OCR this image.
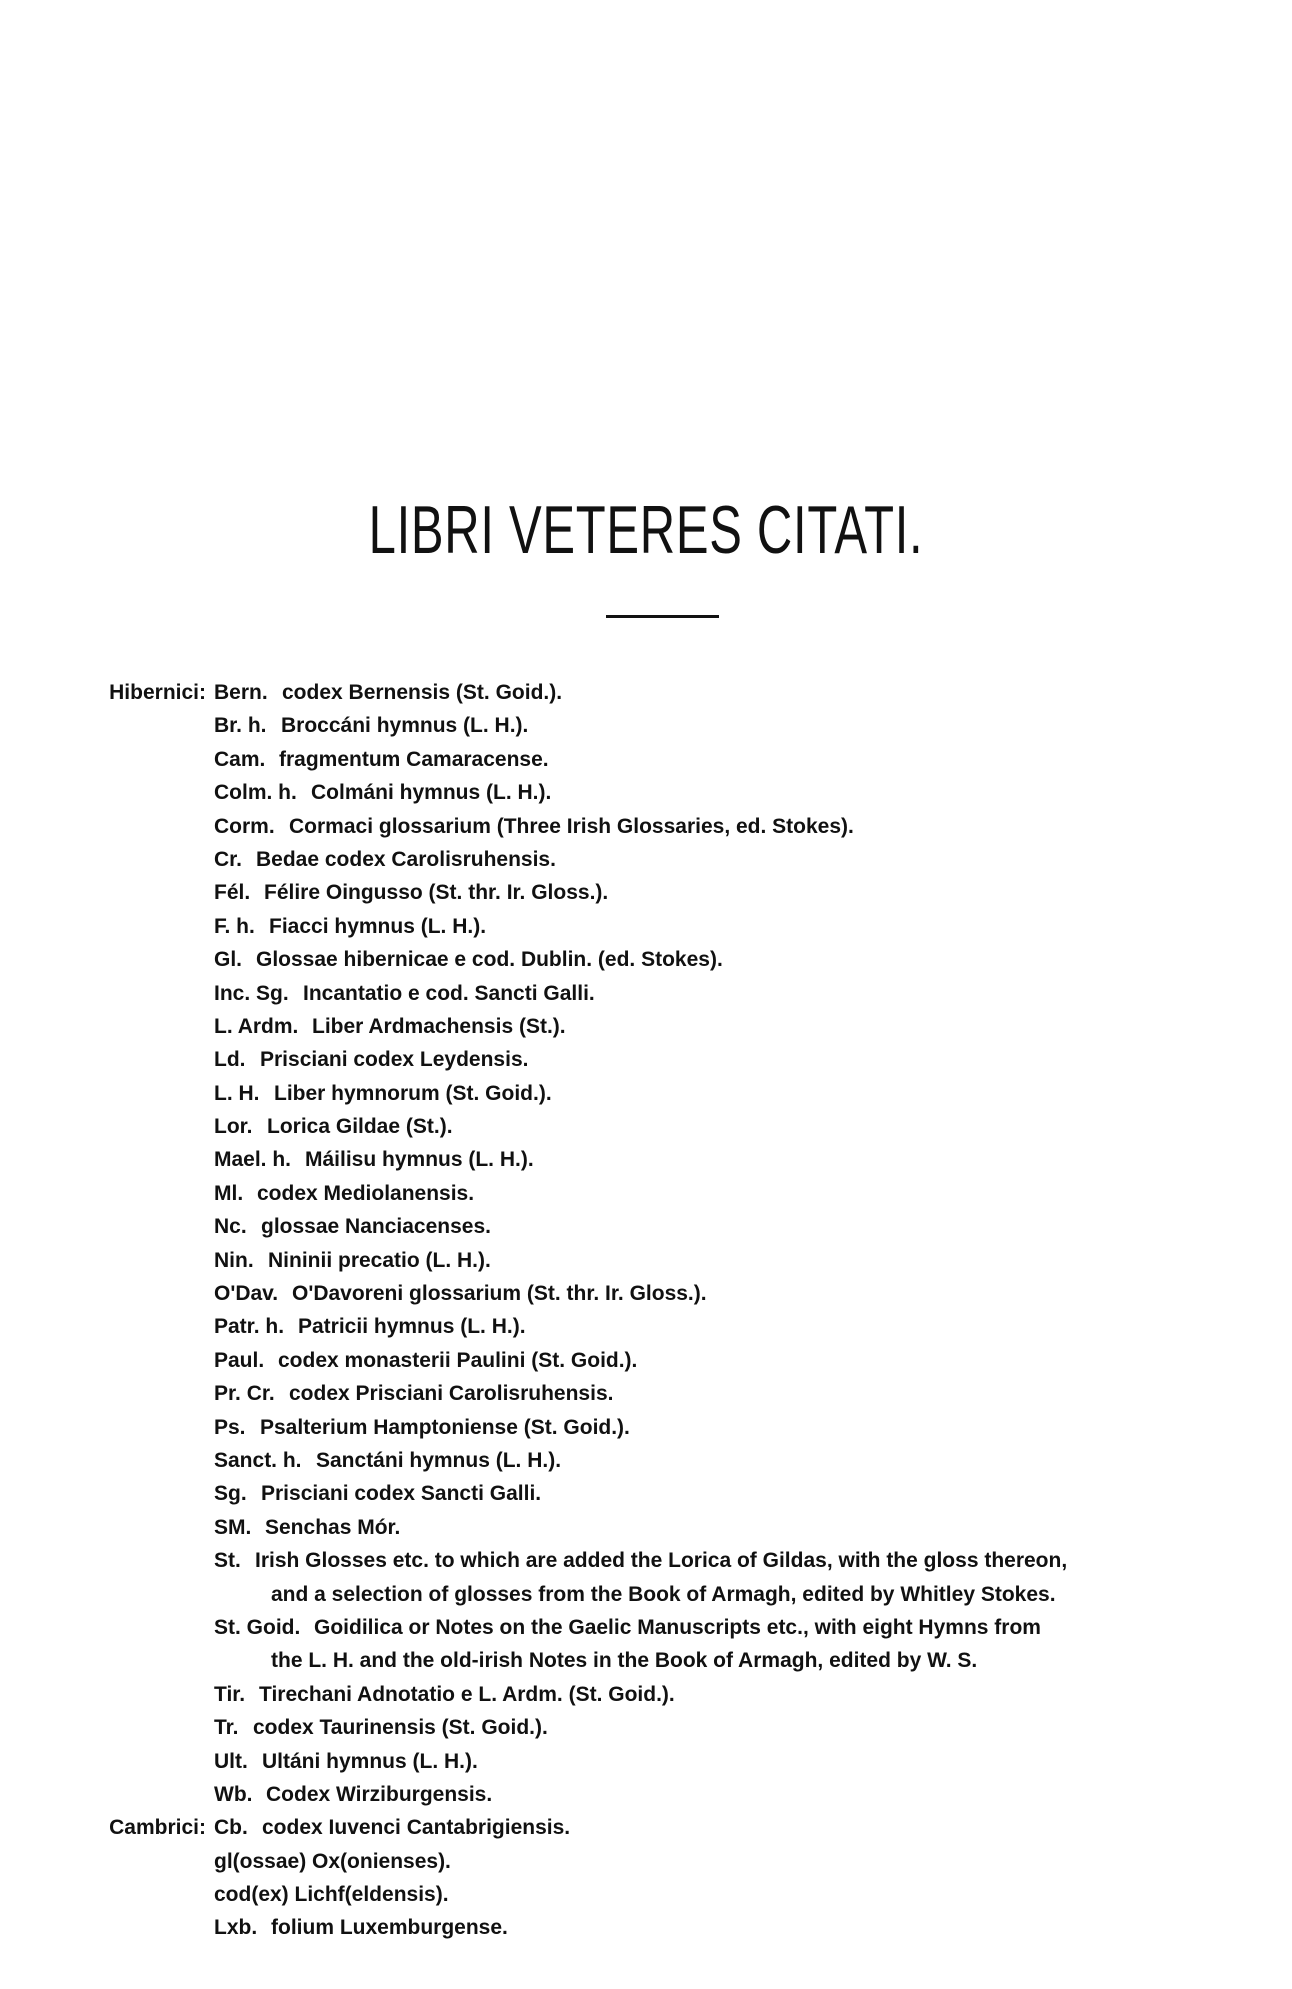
LIBRI VETERES CITATI.
Hibernici: Bern. codex Bernensis (St. Goid.).
Br. h. Broccáni hymnus (L. H.).
Cam. fragmentum Camaracense.
Colm. h. Colmáni hymnus (L. H.).
Corm. Cormaci glossarium (Three Irish Glossaries, ed. Stokes).
Cr. Bedae codex Carolisruhensis.
Fél. Félire Oingusso (St. thr. Ir. Gloss.).
F. h. Fiacci hymnus (L. H.).
Gl. Glossae hibernicae e cod. Dublin. (ed. Stokes).
Inc. Sg. Incantatio e cod. Sancti Galli.
L. Ardm. Liber Ardmachensis (St.).
Ld. Prisciani codex Leydensis.
L. H. Liber hymnorum (St. Goid.).
Lor. Lorica Gildae (St.).
Mael. h. Máilisu hymnus (L. H.).
Ml. codex Mediolanensis.
Nc. glossae Nanciacenses.
Nin. Nininii precatio (L. H.).
O'Dav. O'Davoreni glossarium (St. thr. Ir. Gloss.).
Patr. h. Patricii hymnus (L. H.).
Paul. codex monasterii Paulini (St. Goid.).
Pr. Cr. codex Prisciani Carolisruhensis.
Ps. Psalterium Hamptoniense (St. Goid.).
Sanct. h. Sanctáni hymnus (L. H.).
Sg. Prisciani codex Sancti Galli.
SM. Senchas Mór.
St. Irish Glosses etc. to which are added the Lorica of Gildas, with the gloss thereon,
and a selection of glosses from the Book of Armagh, edited by Whitley Stokes.
St. Goid. Goidilica or Notes on the Gaelic Manuscripts etc., with eight Hymns from
the L. H. and the old-irish Notes in the Book of Armagh, edited by W. S.
Tir. Tirechani Adnotatio e L. Ardm. (St. Goid.).
Tr. codex Taurinensis (St. Goid.).
Ult. Ultáni hymnus (L. H.).
Wb. Codex Wirziburgensis.
Cambrici: Cb. codex Iuvenci Cantabrigiensis.
gl(ossae) Ox(onienses).
cod(ex) Lichf(eldensis).
Lxb. folium Luxemburgense.
